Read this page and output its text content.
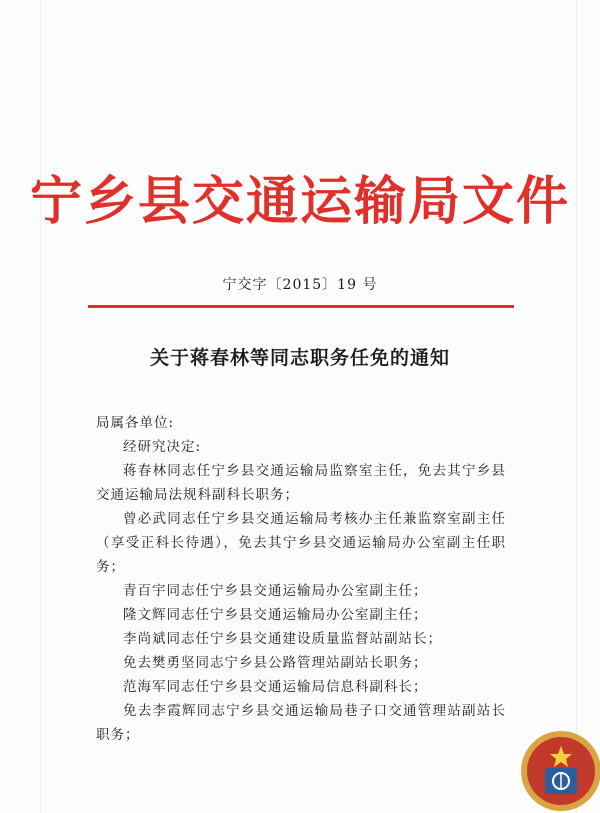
宁乡县交通运输局文件
宁交字〔2015〕19 号
关于蒋春林等同志职务任免的通知

局属各单位:

经研究决定:

蒋春林同志任宁乡县交通运输局监察室主任，免去其宁乡县交通运输局法规科副科长职务；

曾必武同志任宁乡县交通运输局考核办主任兼监察室副主任（享受正科长待遇），免去其宁乡县交通运输局办公室副主任职务；

青百宇同志任宁乡县交通运输局办公室副主任；

隆文辉同志任宁乡县交通运输局办公室副主任；

李尚斌同志任宁乡县交通建设质量监督站副站长；

免去樊勇坚同志宁乡县公路管理站副站长职务；

范海军同志任宁乡县交通运输局信息科副科长；

免去李霞辉同志宁乡县交通运输局巷子口交通管理站副站长职务；
